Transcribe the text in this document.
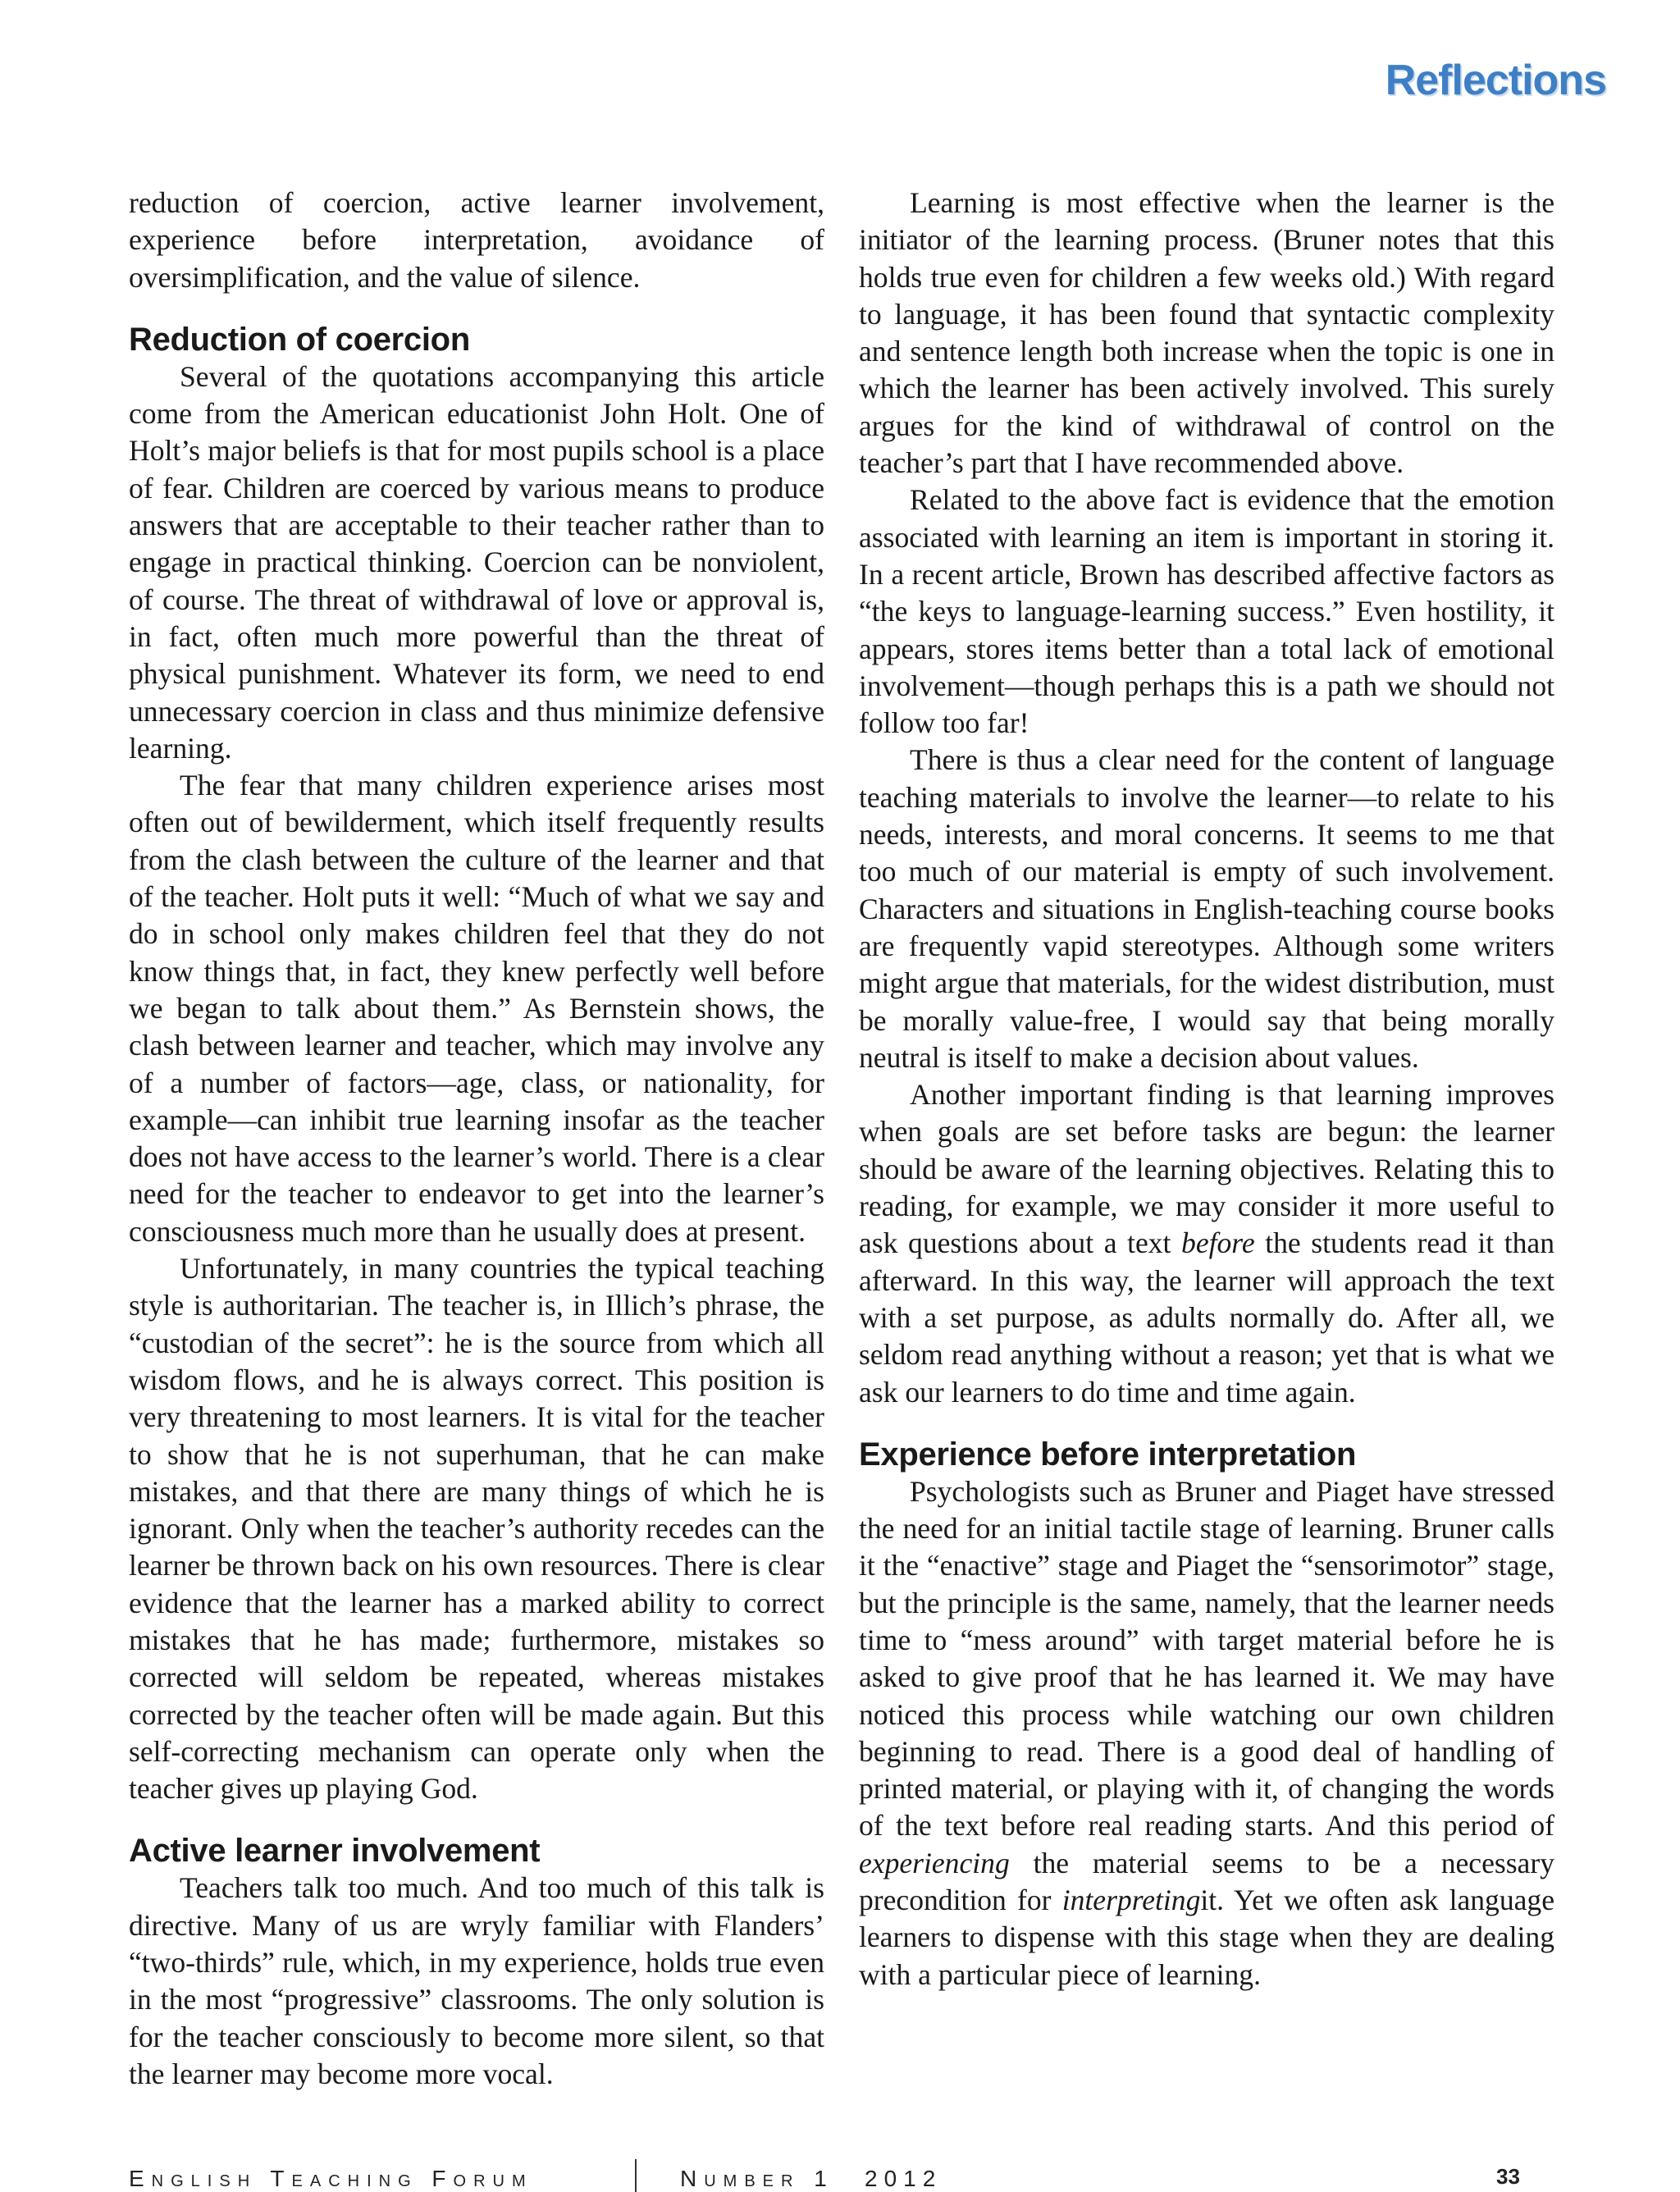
Reflections

reduction of coercion, active learner involvement, experience before interpretation, avoidance of oversimplification, and the value of silence.

Reduction of coercion

Several of the quotations accompanying this article come from the American educationist John Holt. One of Holt’s major beliefs is that for most pupils school is a place of fear. Children are coerced by various means to produce answers that are acceptable to their teacher rather than to engage in practical thinking. Coercion can be nonviolent, of course. The threat of withdrawal of love or approval is, in fact, often much more powerful than the threat of physical punishment. Whatever its form, we need to end unnecessary coercion in class and thus minimize defensive learning.

The fear that many children experience arises most often out of bewilderment, which itself frequently results from the clash between the culture of the learner and that of the teacher. Holt puts it well: “Much of what we say and do in school only makes children feel that they do not know things that, in fact, they knew perfectly well before we began to talk about them.” As Bernstein shows, the clash between learner and teacher, which may involve any of a number of factors—age, class, or nationality, for example—can inhibit true learning insofar as the teacher does not have access to the learner’s world. There is a clear need for the teacher to endeavor to get into the learner’s consciousness much more than he usually does at present.

Unfortunately, in many countries the typical teaching style is authoritarian. The teacher is, in Illich’s phrase, the “custodian of the secret”: he is the source from which all wisdom flows, and he is always correct. This position is very threatening to most learners. It is vital for the teacher to show that he is not superhuman, that he can make mistakes, and that there are many things of which he is ignorant. Only when the teacher’s authority recedes can the learner be thrown back on his own resources. There is clear evidence that the learner has a marked ability to correct mistakes that he has made; furthermore, mistakes so corrected will seldom be repeated, whereas mistakes corrected by the teacher often will be made again. But this self-correcting mechanism can operate only when the teacher gives up playing God.

Active learner involvement

Teachers talk too much. And too much of this talk is directive. Many of us are wryly familiar with Flanders’ “two-thirds” rule, which, in my experience, holds true even in the most “progressive” classrooms. The only solution is for the teacher consciously to become more silent, so that the learner may become more vocal.

Learning is most effective when the learner is the initiator of the learning process. (Bruner notes that this holds true even for children a few weeks old.) With regard to language, it has been found that syntactic complexity and sentence length both increase when the topic is one in which the learner has been actively involved. This surely argues for the kind of withdrawal of control on the teacher’s part that I have recommended above.

Related to the above fact is evidence that the emotion associated with learning an item is important in storing it. In a recent article, Brown has described affective factors as “the keys to language-learning success.” Even hostility, it appears, stores items better than a total lack of emotional involvement—though perhaps this is a path we should not follow too far!

There is thus a clear need for the content of language teaching materials to involve the learner—to relate to his needs, interests, and moral concerns. It seems to me that too much of our material is empty of such involvement. Characters and situations in English-teaching course books are frequently vapid stereotypes. Although some writers might argue that materials, for the widest distribution, must be morally value-free, I would say that being morally neutral is itself to make a decision about values.

Another important finding is that learning improves when goals are set before tasks are begun: the learner should be aware of the learning objectives. Relating this to reading, for example, we may consider it more useful to ask questions about a text before the students read it than afterward. In this way, the learner will approach the text with a set purpose, as adults normally do. After all, we seldom read anything without a reason; yet that is what we ask our learners to do time and time again.

Experience before interpretation

Psychologists such as Bruner and Piaget have stressed the need for an initial tactile stage of learning. Bruner calls it the “enactive” stage and Piaget the “sensorimotor” stage, but the principle is the same, namely, that the learner needs time to “mess around” with target material before he is asked to give proof that he has learned it. We may have noticed this process while watching our own children beginning to read. There is a good deal of handling of printed material, or playing with it, of changing the words of the text before real reading starts. And this period of experiencing the material seems to be a necessary precondition for interpretingit. Yet we often ask language learners to dispense with this stage when they are dealing with a particular piece of learning.

English Teaching Forum	Number 1 2012	33
